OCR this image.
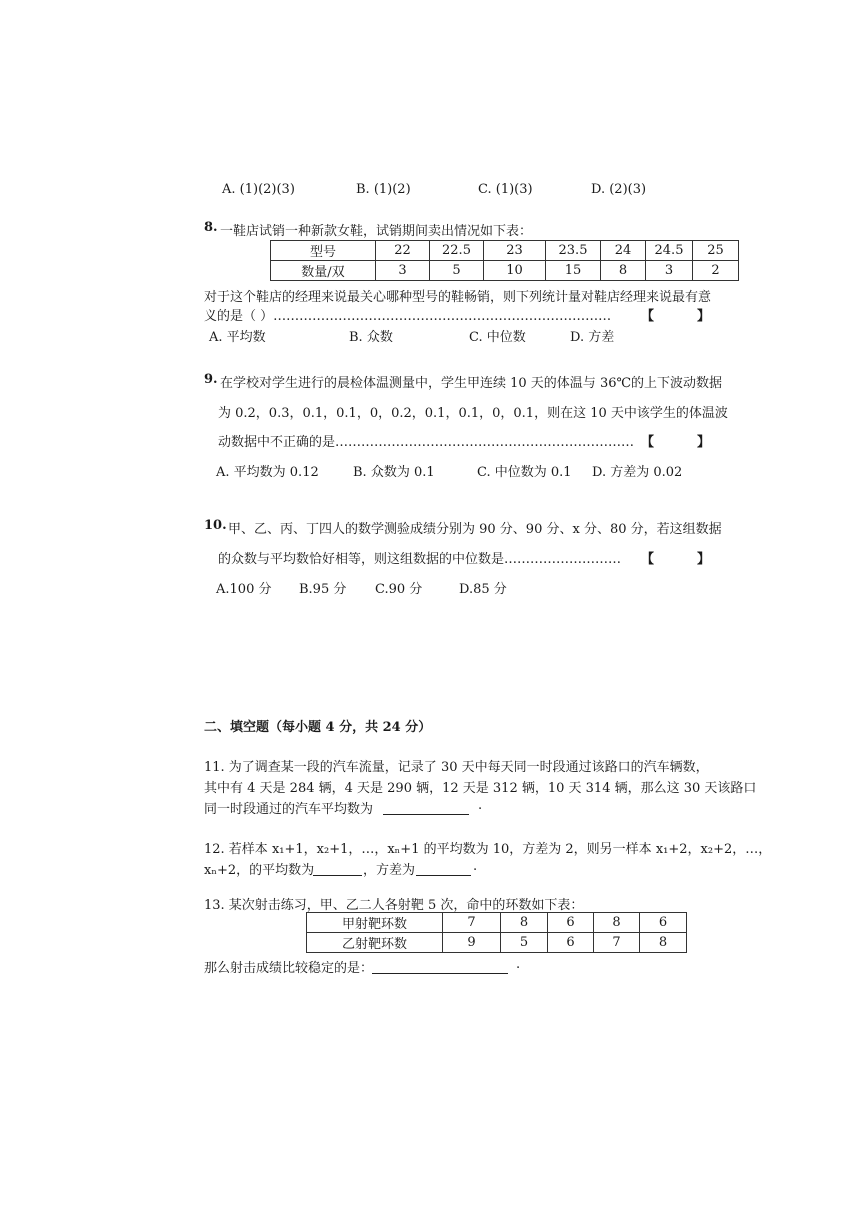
A. (1)(2)(3)	B. (1)(2)	C. (1)(3)	D. (2)(3)
8. 一鞋店试销一种新款女鞋，试销期间卖出情况如下表：
型号	22	22.5	23	23.5	24	24.5	25
数量/双	3	5	10	15	8	3	2
对于这个鞋店的经理来说最关心哪种型号的鞋畅销，则下列统计量对鞋店经理来说最有意
义的是（ ）…………………………………………………………………… 【	】
A. 平均数	B. 众数	C. 中位数	D. 方差
9. 在学校对学生进行的晨检体温测量中，学生甲连续 10 天的体温与 36℃的上下波动数据
为 0.2，0.3，0.1，0.1，0，0.2，0.1，0.1，0，0.1，则在这 10 天中该学生的体温波
动数据中不正确的是…………………………………………………………… 【	】
A. 平均数为 0.12	B. 众数为 0.1	C. 中位数为 0.1 D. 方差为 0.02
10. 甲、乙、丙、丁四人的数学测验成绩分别为 90 分、90 分、x 分、80 分，若这组数据
的众数与平均数恰好相等，则这组数据的中位数是……………………… 【	】
A.100 分 B.95 分 C.90 分	D.85 分
二、填空题（每小题 4 分，共 24 分）
11. 为了调查某一段的汽车流量，记录了 30 天中每天同一时段通过该路口的汽车辆数，
其中有 4 天是 284 辆，4 天是 290 辆，12 天是 312 辆，10 天 314 辆，那么这 30 天该路口
同一时段通过的汽车平均数为	.
12. 若样本 x₁+1，x₂+1，…，xₙ+1 的平均数为 10，方差为 2，则另一样本 x₁+2，x₂+2，…，
xₙ+2，的平均数为	，方差为	.
13. 某次射击练习，甲、乙二人各射靶 5 次，命中的环数如下表：
甲射靶环数	7	8	6	8	6
乙射靶环数	9	5	6	7	8
那么射击成绩比较稳定的是：	.
